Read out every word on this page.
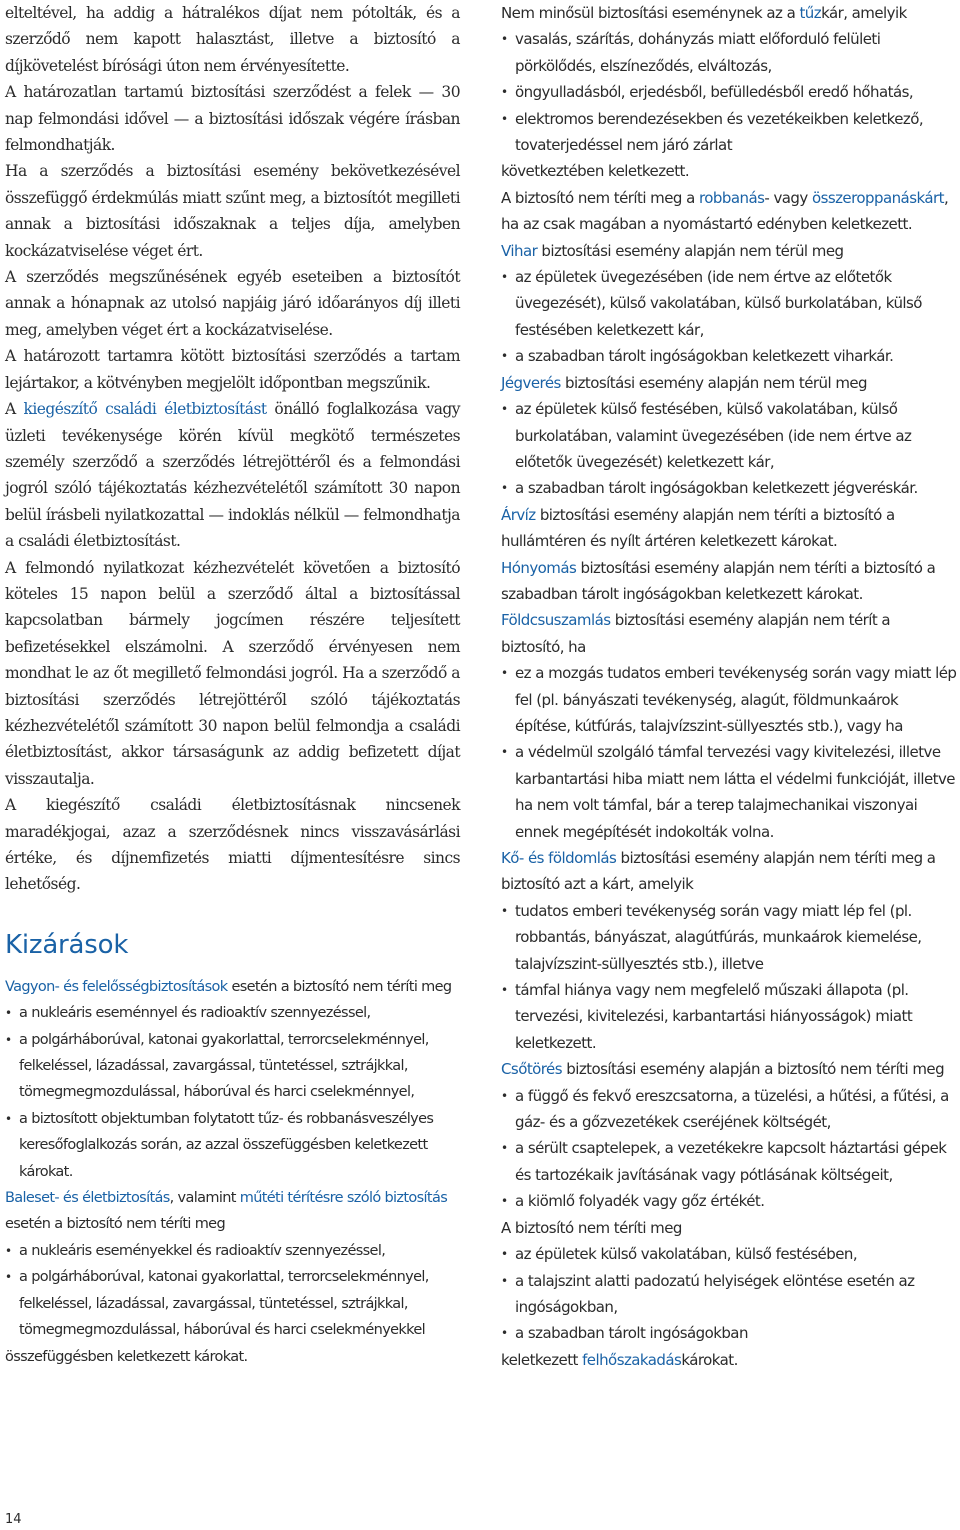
elteltével, ha addig a hátralékos díjat nem pótolták, és a szerződő nem kapott halasztást, illetve a biztosító a díjkövetelést bírósági úton nem érvényesítette.

A határozatlan tartamú biztosítási szerződést a felek — 30 nap felmondási idővel — a biztosítási időszak végére írásban felmondhatják.

Ha a szerződés a biztosítási esemény bekövetkezésével összefüggő érdekmúlás miatt szűnt meg, a biztosítót megilleti annak a biztosítási időszaknak a teljes díja, amelyben kockázatviselése véget ért.

A szerződés megszűnésének egyéb eseteiben a biztosítót annak a hónapnak az utolsó napjáig járó időarányos díj illeti meg, amelyben véget ért a kockázatviselése.

A határozott tartamra kötött biztosítási szerződés a tartam lejártakor, a kötvényben megjelölt időpontban megszűnik.

A kiegészítő családi életbiztosítást önálló foglalkozása vagy üzleti tevékenysége körén kívül megkötő természetes személy szerződő a szerződés létrejöttéről és a felmondási jogról szóló tájékoztatás kézhezvételétől számított 30 napon belül írásbeli nyilatkozattal — indoklás nélkül — felmondhatja a családi életbiztosítást.

A felmondó nyilatkozat kézhezvételét követően a biztosító köteles 15 napon belül a szerződő által a biztosítással kapcsolatban bármely jogcímen részére teljesített befizetésekkel elszámolni. A szerződő érvényesen nem mondhat le az őt megillető felmondási jogról. Ha a szerződő a biztosítási szerződés létrejöttéről szóló tájékoztatás kézhezvételétől számított 30 napon belül felmondja a családi életbiztosítást, akkor társaságunk az addig befizetett díjat visszautalja.

A kiegészítő családi életbiztosításnak nincsenek maradékjogai, azaz a szerződésnek nincs visszavásárlási értéke, és díjnemfizetés miatti díjmentesítésre sincs lehetőség.

Kizárások

Vagyon- és felelősségbiztosítások esetén a biztosító nem téríti meg

• a nukleáris eseménnyel és radioaktív szennyezéssel,

• a polgárháborúval, katonai gyakorlattal, terrorcselekménnyel, felkeléssel, lázadással, zavargással, tüntetéssel, sztrájkkal, tömegmegmozdulással, háborúval és harci cselekménnyel,

• a biztosított objektumban folytatott tűz- és robbanásveszélyes keresőfoglalkozás során, az azzal összefüggésben keletkezett károkat.

Baleset- és életbiztosítás, valamint műtéti térítésre szóló biztosítás esetén a biztosító nem téríti meg

• a nukleáris eseményekkel és radioaktív szennyezéssel,

• a polgárháborúval, katonai gyakorlattal, terrorcselekménnyel, felkeléssel, lázadással, zavargással, tüntetéssel, sztrájkkal, tömegmegmozdulással, háborúval és harci cselekményekkel

összefüggésben keletkezett károkat.

Nem minősül biztosítási eseménynek az a tűzkár, amelyik

• vasalás, szárítás, dohányzás miatt előforduló felületi pörkölődés, elszíneződés, elváltozás,

• öngyulladásból, erjedésből, befülledésből eredő hőhatás,

• elektromos berendezésekben és vezetékeikben keletkező, tovaterjedéssel nem járó zárlat

következtében keletkezett.

A biztosító nem téríti meg a robbanás- vagy összeroppanáskárt, ha az csak magában a nyomástartó edényben keletkezett.

Vihar biztosítási esemény alapján nem térül meg

• az épületek üvegezésében (ide nem értve az előtetők üvegezését), külső vakolatában, külső burkolatában, külső festésében keletkezett kár,

• a szabadban tárolt ingóságokban keletkezett viharkár.

Jégverés biztosítási esemény alapján nem térül meg

• az épületek külső festésében, külső vakolatában, külső burkolatában, valamint üvegezésében (ide nem értve az előtetők üvegezését) keletkezett kár,

• a szabadban tárolt ingóságokban keletkezett jégveréskár.

Árvíz biztosítási esemény alapján nem téríti a biztosító a hullámtéren és nyílt ártéren keletkezett károkat.

Hónyomás biztosítási esemény alapján nem téríti a biztosító a szabadban tárolt ingóságokban keletkezett károkat.

Földcsuszamlás biztosítási esemény alapján nem térít a biztosító, ha

• ez a mozgás tudatos emberi tevékenység során vagy miatt lép fel (pl. bányászati tevékenység, alagút, földmunkaárok építése, kútfúrás, talajvízszint-süllyesztés stb.), vagy ha

• a védelmül szolgáló támfal tervezési vagy kivitelezési, illetve karbantartási hiba miatt nem látta el védelmi funkcióját, illetve ha nem volt támfal, bár a terep talajmechanikai viszonyai ennek megépítését indokolták volna.

Kő- és földomlás biztosítási esemény alapján nem téríti meg a biztosító azt a kárt, amelyik

• tudatos emberi tevékenység során vagy miatt lép fel (pl. robbantás, bányászat, alagútfúrás, munkaárok kiemelése, talajvízszint-süllyesztés stb.), illetve

• támfal hiánya vagy nem megfelelő műszaki állapota (pl. tervezési, kivitelezési, karbantartási hiányosságok) miatt keletkezett.

Csőtörés biztosítási esemény alapján a biztosító nem téríti meg

• a függő és fekvő ereszcsatorna, a tüzelési, a hűtési, a fűtési, a gáz- és a gőzvezetékek cseréjének költségét,

• a sérült csaptelepek, a vezetékekre kapcsolt háztartási gépek és tartozékaik javításának vagy pótlásának költségeit,

• a kiömlő folyadék vagy gőz értékét.

A biztosító nem téríti meg

• az épületek külső vakolatában, külső festésében,

• a talajszint alatti padozatú helyiségek elöntése esetén az ingóságokban,

• a szabadban tárolt ingóságokban

keletkezett felhőszakadáskárokat.

14
